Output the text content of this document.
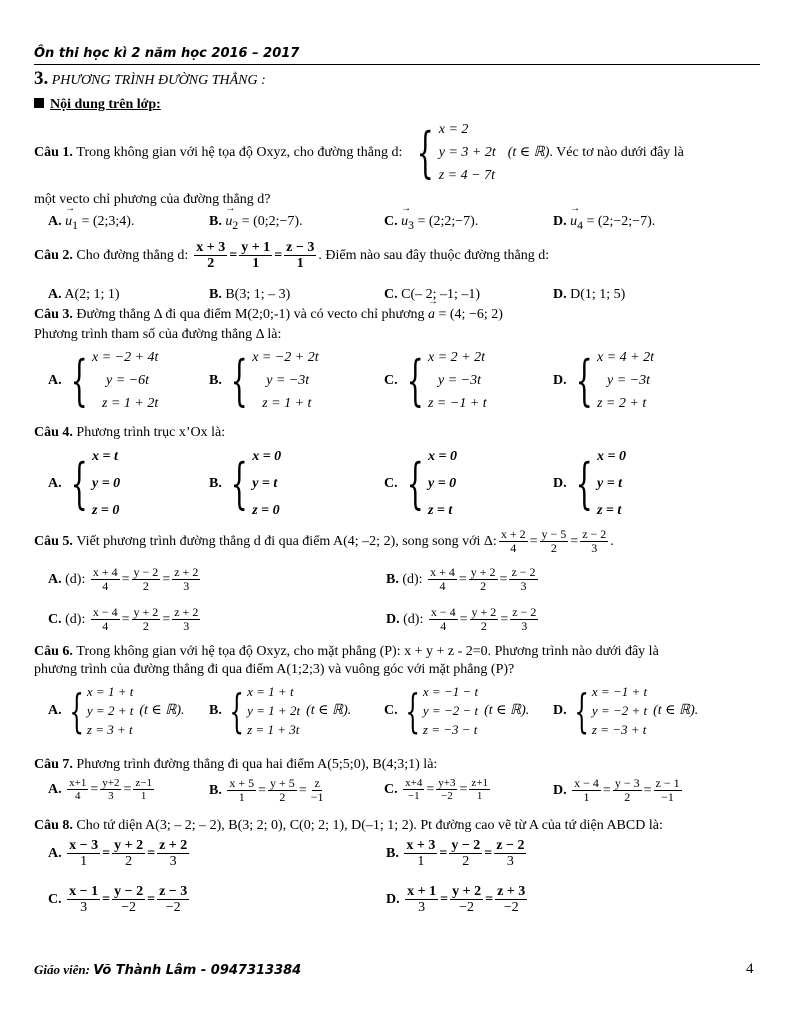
Ôn thi học kì 2 năm học 2016 – 2017
3. PHƯƠNG TRÌNH ĐƯỜNG THẲNG :
Nội dung trên lớp:
Câu 1.
Trong không gian với hệ tọa độ Oxyz, cho đường thẳng d: { x = 2
y = 3 + 2t
z = 4 − 7t
(t ∈ ℝ) . Véc tơ nào dưới đây là
một vecto chỉ phương của đường thẳng d?
A. → $u_1$ = (2;3;4).	B. → $u_2$ = (0;2;−7).	C. → $u_3$ = (2;2;−7).	D. → $u_4$ = (2;−2;−7).
Câu 2.
Cho đường thẳng d: $\frac{x + 3}{2} = \frac{y + 1}{1} = \frac{z - 3}{1}$ . Điểm nào sau đây thuộc đường thẳng d:
A. A(2; 1; 1)	B. B(3; 1; – 3)	C. C(– 2; –1; –1)	D. D(1; 1; 5)
Câu 3. Đường thẳng Δ đi qua điểm M(2;0;-1) và có vecto chỉ phương → a = (4; −6; 2)
Phương trình tham số của đường thẳng Δ là:
A. { x = −2 + 4t
y = −6t
z = 1 + 2t
B. { x = −2 + 2t
y = −3t
z = 1 + t
C. { x = 2 + 2t
y = −3t
z = −1 + t
D. { x = 4 + 2t
y = −3t
z = 2 + t
Câu 4. Phương trình trục x’Ox là:
A. { x = t
y = 0
z = 0
B. { x = 0
y = t
z = 0
C. { x = 0
y = 0
z = t
D. { x = 0
y = t
z = t
Câu 5.
Viết phương trình đường thẳng d đi qua điểm A(4; –2; 2), song song với Δ: $\frac{x + 2}{4} = \frac{y - 5}{2} = \frac{z - 2}{3}$ .
A.
(d):
$\frac{x + 4}{4} = \frac{y - 2}{2} = \frac{z + 2}{3}$	B.
(d):
$\frac{x + 4}{4} = \frac{y + 2}{2} = \frac{z - 2}{3}$
C.
(d):
$\frac{x - 4}{4} = \frac{y + 2}{2} = \frac{z + 2}{3}$	D.
(d):
$\frac{x - 4}{4} = \frac{y + 2}{2} = \frac{z - 2}{3}$
Câu 6. Trong không gian với hệ tọa độ Oxyz, cho mặt phẳng (P): x + y + z - 2=0. Phương trình nào dưới đây là
phương trình của đường thẳng đi qua điểm A(1;2;3) và vuông góc với mặt phẳng (P)?
A. { x = 1 + t
y = 2 + t
z = 3 + t
(t ∈ ℝ). B. { x = 1 + t
y = 1 + 2t
z = 1 + 3t
(t ∈ ℝ). C. { x = −1 − t
y = −2 − t
z = −3 − t
(t ∈ ℝ). D. { x = −1 + t
y = −2 + t
z = −3 + t
(t ∈ ℝ).
Câu 7. Phương trình đường thẳng đi qua hai điểm A(5;5;0), B(4;3;1) là:
A.
$\frac{x+1}{4} = \frac{y+2}{3} = \frac{z-1}{1}$	B.
$\frac{x + 5}{1} = \frac{y + 5}{2} = \frac{z}{-1}$	C.
$\frac{x+4}{-1} = \frac{y+3}{-2} = \frac{z+1}{1}$	D.
$\frac{x - 4}{1} = \frac{y - 3}{2} = \frac{z - 1}{-1}$
Câu 8. Cho tứ diện A(3; – 2; – 2), B(3; 2; 0), C(0; 2; 1), D(–1; 1; 2). Pt đường cao vẽ từ A của tứ diện ABCD là:
A.
$\frac{x - 3}{1} = \frac{y + 2}{2} = \frac{z + 2}{3}$	B.
$\frac{x + 3}{1} = \frac{y - 2}{2} = \frac{z - 2}{3}$
C.
$\frac{x - 1}{3} = \frac{y - 2}{-2} = \frac{z - 3}{-2}$	D.
$\frac{x + 1}{3} = \frac{y + 2}{-2} = \frac{z + 3}{-2}$
Giáo viên: Võ Thành Lâm - 0947313384	4
